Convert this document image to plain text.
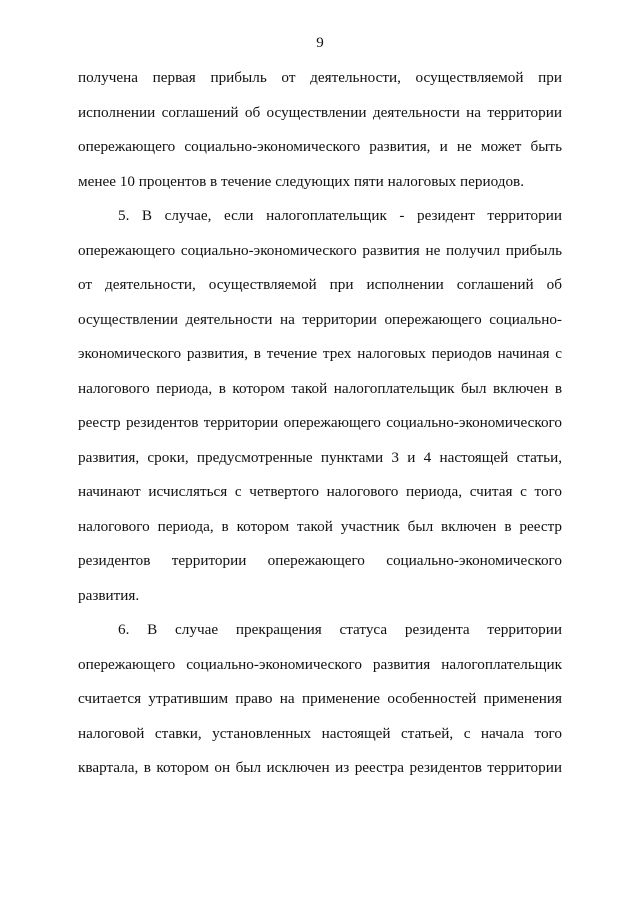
9
получена первая прибыль от деятельности, осуществляемой при
исполнении соглашений об осуществлении деятельности на территории
опережающего социально-экономического развития, и не может быть
менее 10 процентов в течение следующих пяти налоговых периодов.
5. В случае, если налогоплательщик - резидент территории
опережающего социально-экономического развития не получил прибыль
от деятельности, осуществляемой при исполнении соглашений об
осуществлении деятельности на территории опережающего социально-
экономического развития, в течение трех налоговых периодов начиная с
налогового периода, в котором такой налогоплательщик был включен в
реестр резидентов территории опережающего социально-экономического
развития, сроки, предусмотренные пунктами 3 и 4 настоящей статьи,
начинают исчисляться с четвертого налогового периода, считая с того
налогового периода, в котором такой участник был включен в реестр
резидентов территории опережающего социально-экономического
развития.
6. В случае прекращения статуса резидента территории
опережающего социально-экономического развития налогоплательщик
считается утратившим право на применение особенностей применения
налоговой ставки, установленных настоящей статьей, с начала того
квартала, в котором он был исключен из реестра резидентов территории
